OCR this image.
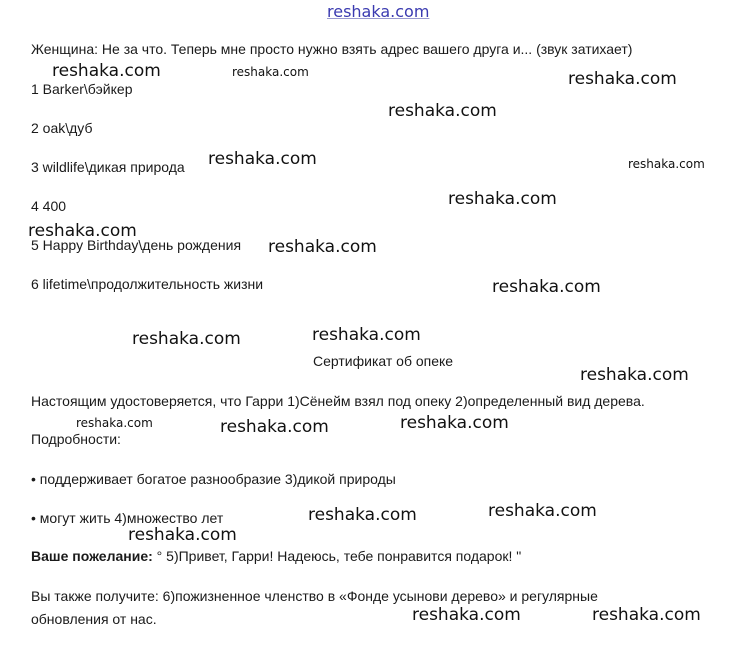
reshaka.com
Женщина: Не за что. Теперь мне просто нужно взять адрес вашего друга и... (звук затихает)
1 Barker\бэйкер
2 oak\дуб
3 wildlife\дикая природа
4 400
5 Happy Birthday\день рождения
6 lifetime\продолжительность жизни
Сертификат об опеке
Настоящим удостоверяется, что Гарри 1)Сёнейм взял под опеку 2)определенный вид дерева.
Подробности:
• поддерживает богатое разнообразие 3)дикой природы
• могут жить 4)множество лет
Ваше пожелание: ° 5)Привет, Гарри! Надеюсь, тебе понравится подарок! "
Вы также получите: 6)пожизненное членство в «Фонде усынови дерево» и регулярные
обновления от нас.
reshaka.com	reshaka.com	reshaka.com
reshaka.com
reshaka.com	reshaka.com
reshaka.com
reshaka.com
reshaka.com
reshaka.com
reshaka.com
reshaka.com
reshaka.com
reshaka.com	reshaka.com
reshaka.com
reshaka.com
reshaka.com
reshaka.com
reshaka.com	reshaka.com
